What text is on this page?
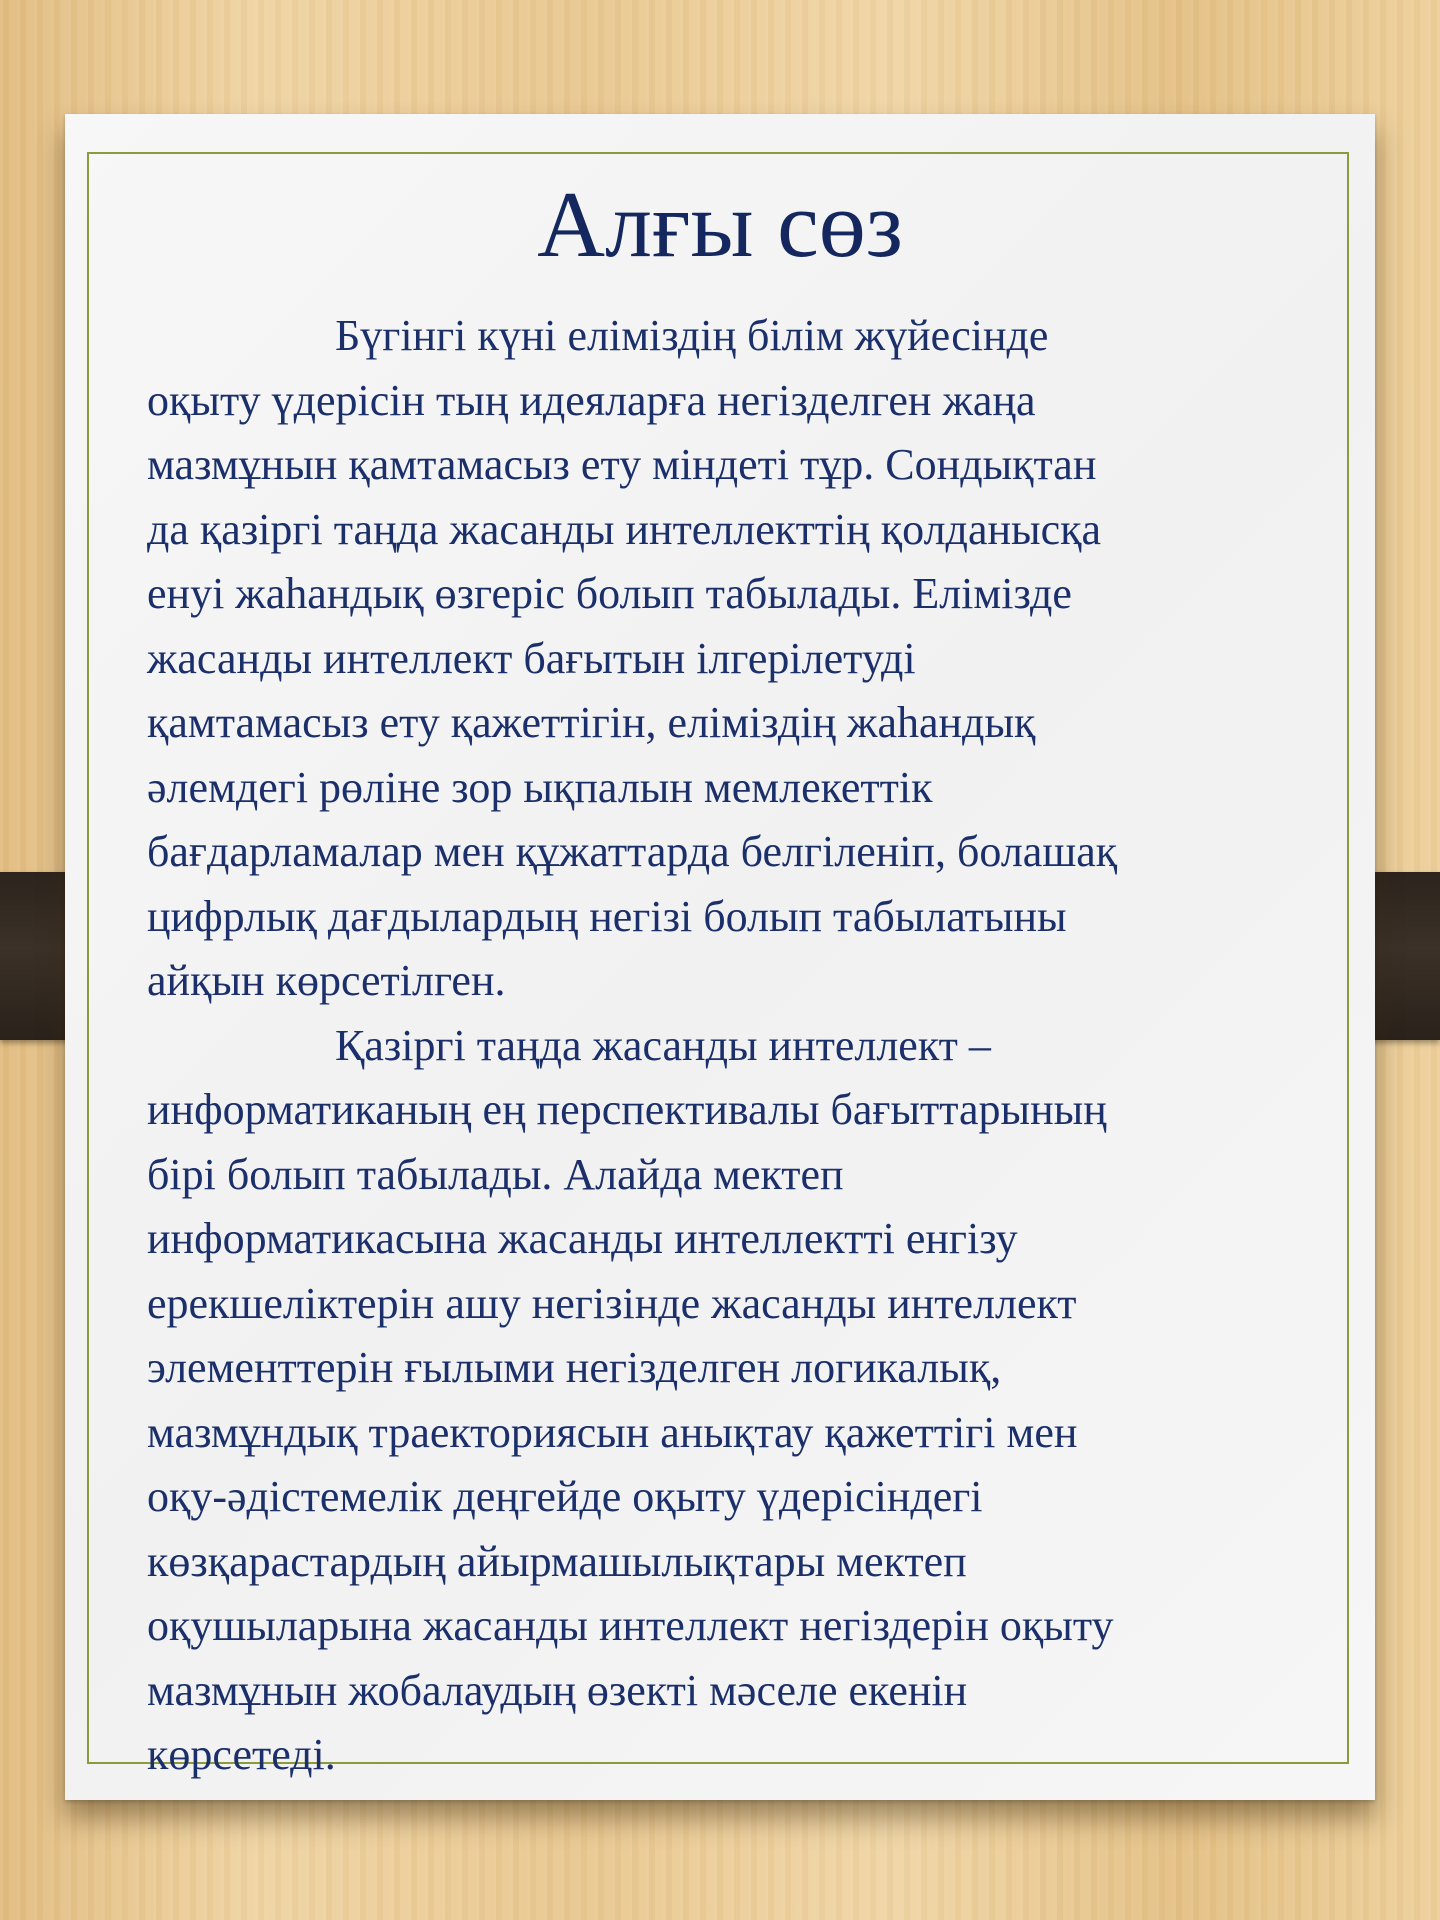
Алғы сөз

Бүгінгі күні еліміздің білім жүйесінде
оқыту үдерісін тың идеяларға негізделген жаңа
мазмұнын қамтамасыз ету міндеті тұр. Сондықтан
да қазіргі таңда жасанды интеллекттің қолданысқа
енуі жаһандық өзгеріс болып табылады. Елімізде
жасанды интеллект бағытын ілгерілетуді
қамтамасыз ету қажеттігін, еліміздің жаһандық
әлемдегі рөліне зор ықпалын мемлекеттік
бағдарламалар мен құжаттарда белгіленіп, болашақ
цифрлық дағдылардың негізі болып табылатыны
айқын көрсетілген.

Қазіргі таңда жасанды интеллект –
информатиканың ең перспективалы бағыттарының
бірі болып табылады. Алайда мектеп
информатикасына жасанды интеллектті енгізу
ерекшеліктерін ашу негізінде жасанды интеллект
элементтерін ғылыми негізделген логикалық,
мазмұндық траекториясын анықтау қажеттігі мен
оқу-әдістемелік деңгейде оқыту үдерісіндегі
көзқарастардың айырмашылықтары мектеп
оқушыларына жасанды интеллект негіздерін оқыту
мазмұнын жобалаудың өзекті мәселе екенін
көрсетеді.
